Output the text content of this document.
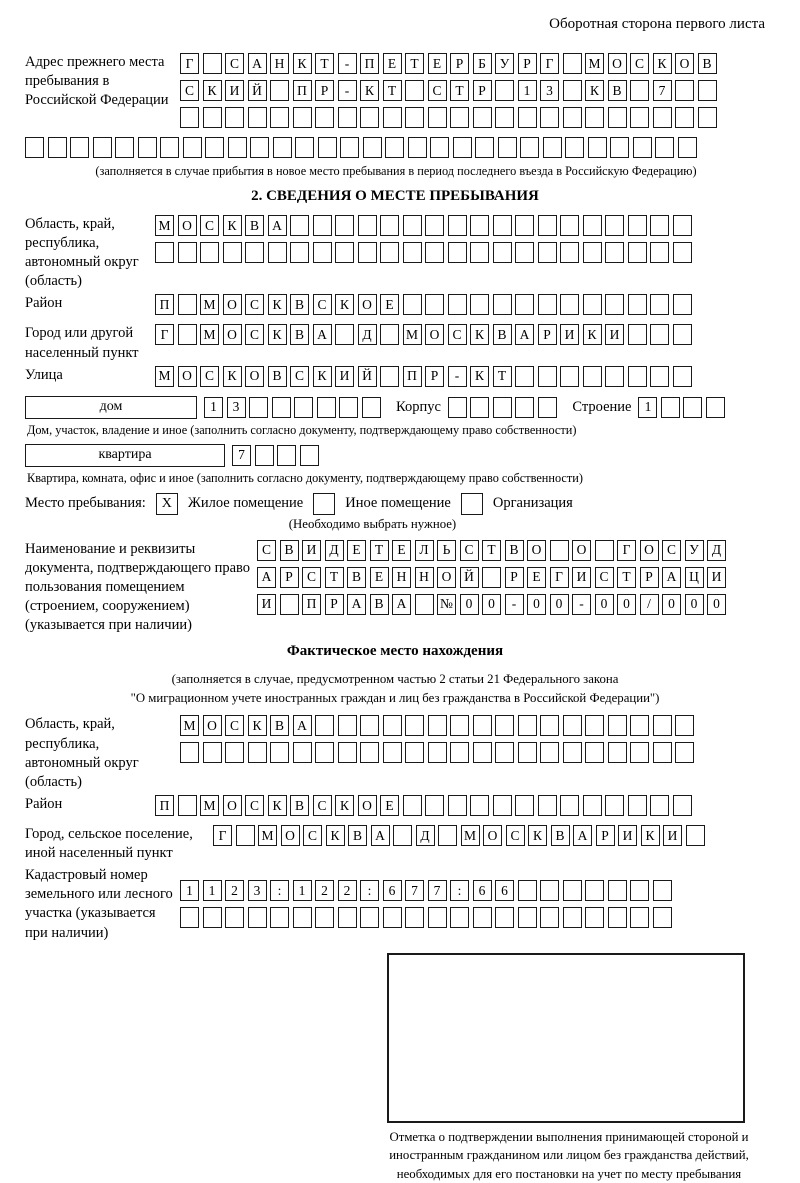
Оборотная сторона первого листа
Адрес прежнего места пребывания в Российской Федерации
Г	С А Н К	Т	-	П	Е	Т	Е	Р	Б	У	Р	Г	М О С К О В
С К И Й	П	Р	-	К	Т	С	Т	Р	1	3	К В	7
(заполняется в случае прибытия в новое место пребывания в период последнего въезда в Российскую Федерацию)
2. СВЕДЕНИЯ О МЕСТЕ ПРЕБЫВАНИЯ
Область, край, республика, автономный округ (область)
М О С К В А
Район	П	М О С К В С К О	Е
Город или другой населенный пункт
Г	М О С К В А	Д	М О С К В А	Р	И К И
Улица	М О С К О В С К И Й	П	Р	-	К	Т
дом	1	3	Корпус	Строение 1
Дом, участок, владение и иное (заполнить согласно документу, подтверждающему право собственности)
квартира	7
Квартира, комната, офис и иное (заполнить согласно документу, подтверждающему право собственности)
Место пребывания:	X	Жилое помещение	Иное помещение	Организация
(Необходимо выбрать нужное)
Наименование и реквизиты документа, подтверждающего право пользования помещением (строением, сооружением) (указывается при наличии)
С В И Д	Е	Т	Е	Л	Ь	С	Т	В О	О	Г	О С У Д
А	Р	С	Т	В	Е	Н Н О Й	Р	Е	Г	И С	Т	Р	А Ц И
И	П	Р	А В А	№ 0	0	-	0	0	-	0	0	/	0	0	0
Фактическое место нахождения
(заполняется в случае, предусмотренном частью 2 статьи 21 Федерального закона
"О миграционном учете иностранных граждан и лиц без гражданства в Российской Федерации")
Область, край, республика, автономный округ (область)
М О С К В А
Район	П	М О С К В С К О	Е
Город, сельское поселение, иной населенный пункт
Г	М О С К В А	Д	М О С К В А	Р	И К И
Кадастровый номер земельного или лесного участка (указывается при наличии)
1	1	2	3	:	1	2	2	:	6	7	7	:	6	6
Отметка о подтверждении выполнения принимающей стороной и иностранным гражданином или лицом без гражданства действий, необходимых для его постановки на учет по месту пребывания
